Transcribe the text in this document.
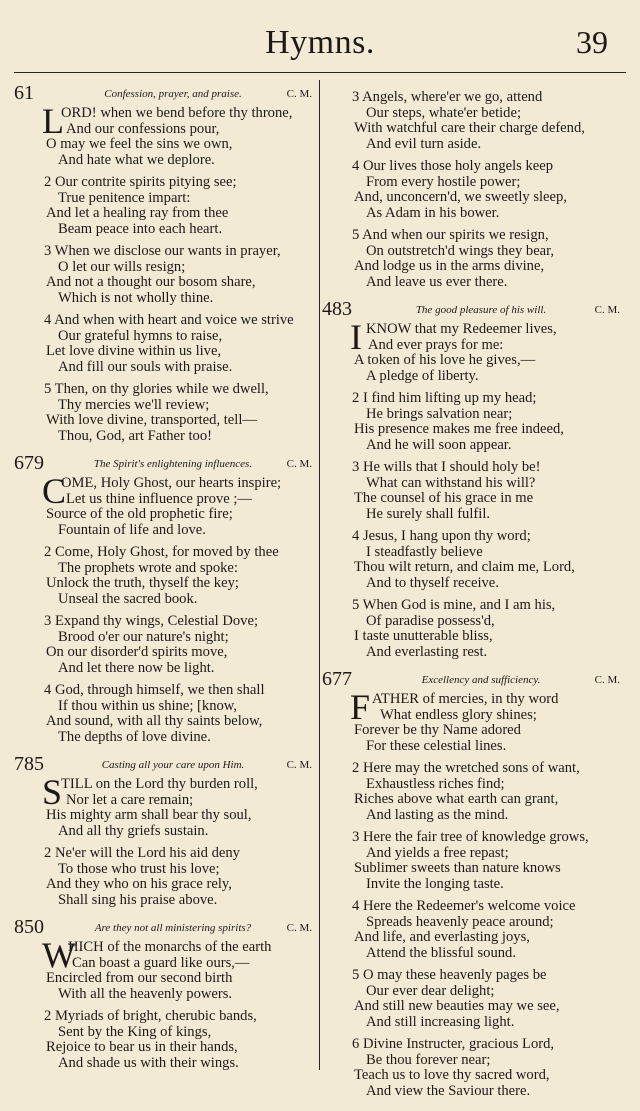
Hymns.	39
61	Confession, prayer, and praise.	C. M.
L
ORD! when we bend before thy throne,
And our confessions pour,
O may we feel the sins we own,
And hate what we deplore.
2 Our contrite spirits pitying see;
True penitence impart:
And let a healing ray from thee
Beam peace into each heart.
3 When we disclose our wants in prayer,
O let our wills resign;
And not a thought our bosom share,
Which is not wholly thine.
4 And when with heart and voice we strive
Our grateful hymns to raise,
Let love divine within us live,
And fill our souls with praise.
5 Then, on thy glories while we dwell,
Thy mercies we'll review;
With love divine, transported, tell—
Thou, God, art Father too!
679	The Spirit's enlightening influences.	C. M.
C
OME, Holy Ghost, our hearts inspire;
Let us thine influence prove ;—
Source of the old prophetic fire;
Fountain of life and love.
2 Come, Holy Ghost, for moved by thee
The prophets wrote and spoke:
Unlock the truth, thyself the key;
Unseal the sacred book.
3 Expand thy wings, Celestial Dove;
Brood o'er our nature's night;
On our disorder'd spirits move,
And let there now be light.
4 God, through himself, we then shall
If thou within us shine; [know,
And sound, with all thy saints below,
The depths of love divine.
785	Casting all your care upon Him.	C. M.
S
TILL on the Lord thy burden roll,
Nor let a care remain;
His mighty arm shall bear thy soul,
And all thy griefs sustain.
2 Ne'er will the Lord his aid deny
To those who trust his love;
And they who on his grace rely,
Shall sing his praise above.
850	Are they not all ministering spirits?	C. M.
W
HICH of the monarchs of the earth
Can boast a guard like ours,—
Encircled from our second birth
With all the heavenly powers.
2 Myriads of bright, cherubic bands,
Sent by the King of kings,
Rejoice to bear us in their hands,
And shade us with their wings.
3 Angels, where'er we go, attend
Our steps, whate'er betide;
With watchful care their charge defend,
And evil turn aside.
4 Our lives those holy angels keep
From every hostile power;
And, unconcern'd, we sweetly sleep,
As Adam in his bower.
5 And when our spirits we resign,
On outstretch'd wings they bear,
And lodge us in the arms divine,
And leave us ever there.
483	The good pleasure of his will.	C. M.
I KNOW that my Redeemer lives,
And ever prays for me:
A token of his love he gives,—
A pledge of liberty.
2 I find him lifting up my head;
He brings salvation near;
His presence makes me free indeed,
And he will soon appear.
3 He wills that I should holy be!
What can withstand his will?
The counsel of his grace in me
He surely shall fulfil.
4 Jesus, I hang upon thy word;
I steadfastly believe
Thou wilt return, and claim me, Lord,
And to thyself receive.
5 When God is mine, and I am his,
Of paradise possess'd,
I taste unutterable bliss,
And everlasting rest.
677	Excellency and sufficiency.	C. M.
F ATHER of mercies, in thy word
What endless glory shines;
Forever be thy Name adored
For these celestial lines.
2 Here may the wretched sons of want,
Exhaustless riches find;
Riches above what earth can grant,
And lasting as the mind.
3 Here the fair tree of knowledge grows,
And yields a free repast;
Sublimer sweets than nature knows
Invite the longing taste.
4 Here the Redeemer's welcome voice
Spreads heavenly peace around;
And life, and everlasting joys,
Attend the blissful sound.
5 O may these heavenly pages be
Our ever dear delight;
And still new beauties may we see,
And still increasing light.
6 Divine Instructer, gracious Lord,
Be thou forever near;
Teach us to love thy sacred word,
And view the Saviour there.
